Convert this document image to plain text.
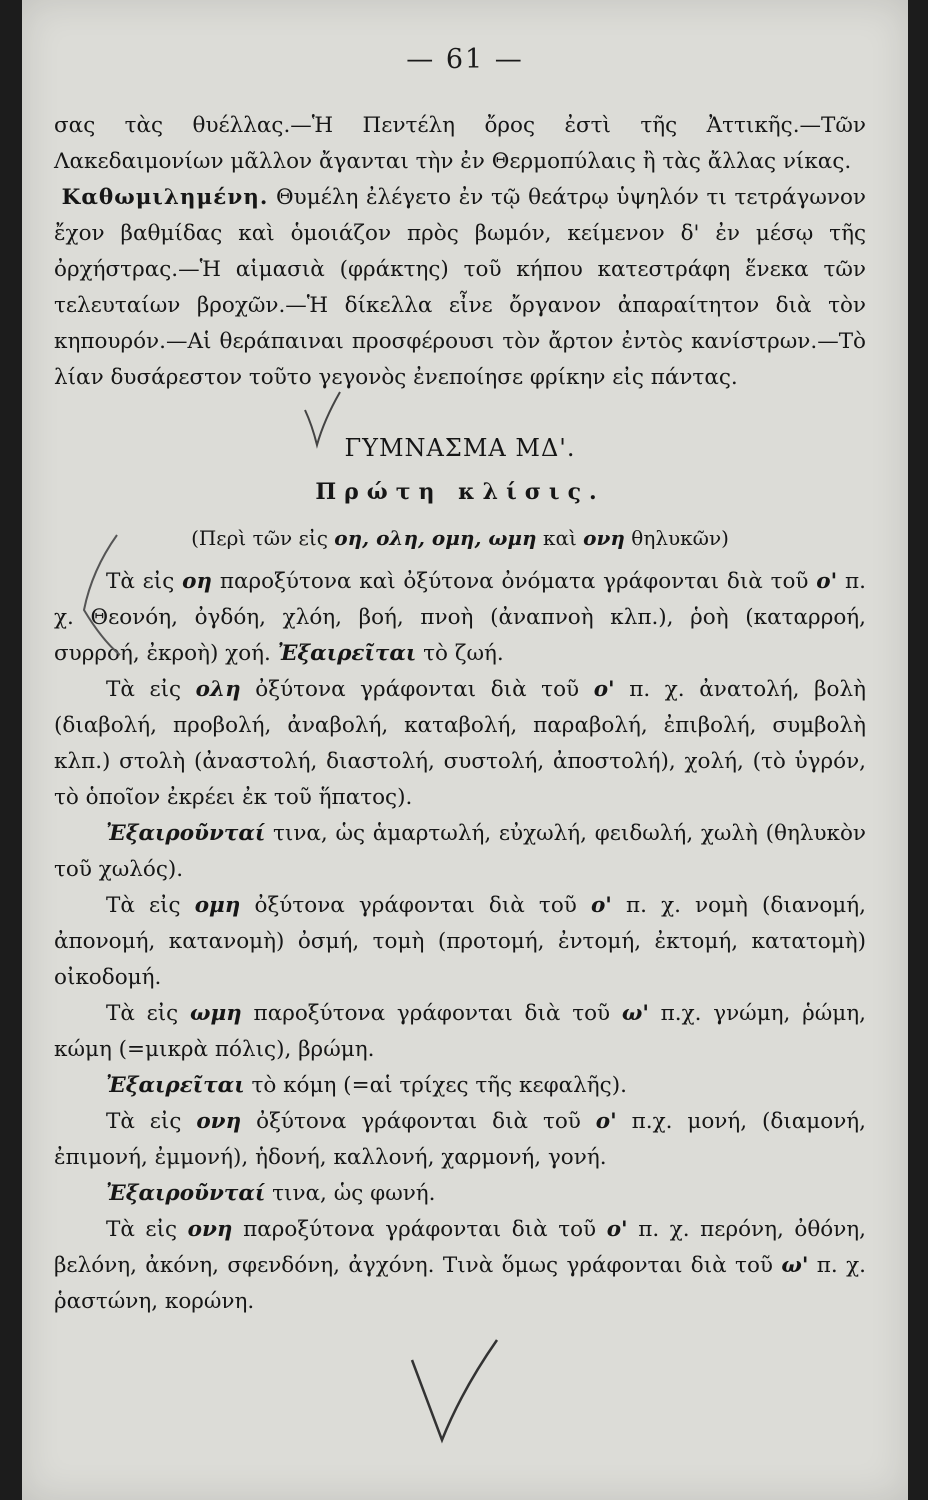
— 61 —

σας τὰς θυέλλας.—Ἡ Πεντέλη ὄρος ἐστὶ τῆς Ἀττικῆς.—Τῶν Λακεδαιμονίων μᾶλλον ἄγανται τὴν ἐν Θερμοπύλαις ἢ τὰς ἄλλας νίκας.
Καθωμιλημένη. Θυμέλη ἐλέγετο ἐν τῷ θεάτρῳ ὑψηλόν τι τετράγωνον ἔχον βαθμίδας καὶ ὁμοιάζον πρὸς βωμόν, κείμενον δ' ἐν μέσῳ τῆς ὀρχήστρας.—Ἡ αἱμασιὰ (φράκτης) τοῦ κήπου κατεστράφη ἕνεκα τῶν τελευταίων βροχῶν.—Ἡ δίκελλα εἶνε ὄργανον ἀπαραίτητον διὰ τὸν κηπουρόν.—Αἱ θεράπαιναι προσφέρουσι τὸν ἄρτον ἐντὸς κανίστρων.—Τὸ λίαν δυσάρεστον τοῦτο γεγονὸς ἐνεποίησε φρίκην εἰς πάντας.

ΓΥΜΝΑΣΜΑ ΜΔ'.
Πρώτη κλίσις.
(Περὶ τῶν εἰς οη, ολη, ομη, ωμη καὶ ονη θηλυκῶν)

Τὰ εἰς οη παροξύτονα καὶ ὀξύτονα ὀνόματα γράφονται διὰ τοῦ ο' π. χ. Θεονόη, ὀγδόη, χλόη, βοή, πνοὴ (ἀναπνοὴ κλπ.), ῥοὴ (καταρροή, συρροή, ἐκροὴ) χοή. Ἐξαιρεῖται τὸ ζωή.

Τὰ εἰς ολη ὀξύτονα γράφονται διὰ τοῦ ο' π. χ. ἀνατολή, βολὴ (διαβολή, προβολή, ἀναβολή, καταβολή, παραβολή, ἐπιβολή, συμβολὴ κλπ.) στολὴ (ἀναστολή, διαστολή, συστολή, ἀποστολή), χολή, (τὸ ὑγρόν, τὸ ὁποῖον ἐκρέει ἐκ τοῦ ἥπατος).

Ἐξαιροῦνταί τινα, ὡς ἁμαρτωλή, εὐχωλή, φειδωλή, χωλὴ (θηλυκὸν τοῦ χωλός).

Τὰ εἰς ομη ὀξύτονα γράφονται διὰ τοῦ ο' π. χ. νομὴ (διανομή, ἀπονομή, κατανομὴ) ὀσμή, τομὴ (προτομή, ἐντομή, ἐκτομή, κατατομὴ) οἰκοδομή.

Τὰ εἰς ωμη παροξύτονα γράφονται διὰ τοῦ ω' π.χ. γνώμη, ῥώμη, κώμη (=μικρὰ πόλις), βρώμη.

Ἐξαιρεῖται τὸ κόμη (=αἱ τρίχες τῆς κεφαλῆς).

Τὰ εἰς ονη ὀξύτονα γράφονται διὰ τοῦ ο' π.χ. μονή, (διαμονή, ἐπιμονή, ἐμμονή), ἡδονή, καλλονή, χαρμονή, γονή.

Ἐξαιροῦνταί τινα, ὡς φωνή.

Τὰ εἰς ονη παροξύτονα γράφονται διὰ τοῦ ο' π. χ. περόνη, ὀθόνη, βελόνη, ἀκόνη, σφενδόνη, ἀγχόνη. Τινὰ ὅμως γράφονται διὰ τοῦ ω' π. χ. ῥαστώνη, κορώνη.
